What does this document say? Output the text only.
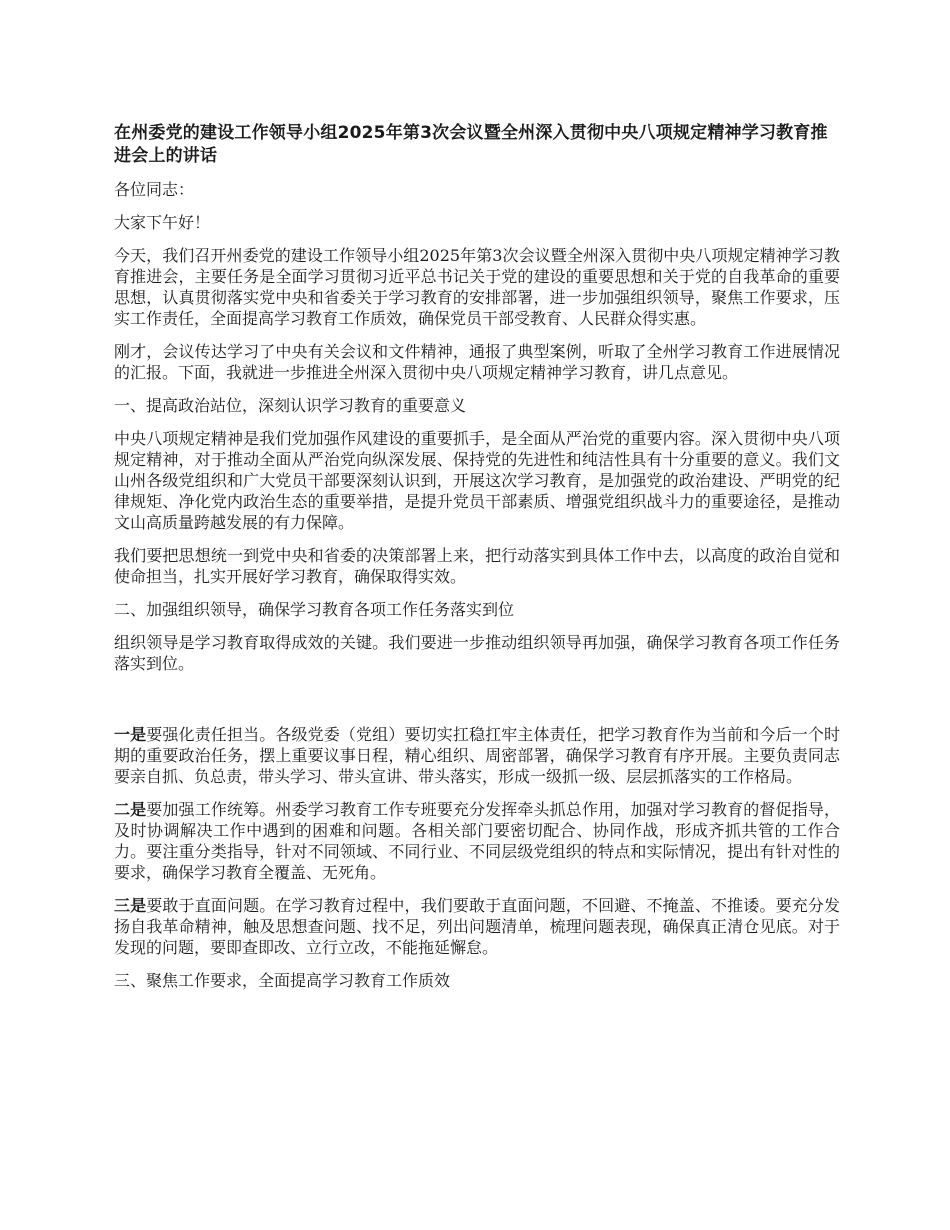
在州委党的建设工作领导小组2025年第3次会议暨全州深入贯彻中央八项规定精神学习教育推进会上的讲话

各位同志：

大家下午好！

今天，我们召开州委党的建设工作领导小组2025年第3次会议暨全州深入贯彻中央八项规定精神学习教育推进会，主要任务是全面学习贯彻习近平总书记关于党的建设的重要思想和关于党的自我革命的重要思想，认真贯彻落实党中央和省委关于学习教育的安排部署，进一步加强组织领导，聚焦工作要求，压实工作责任，全面提高学习教育工作质效，确保党员干部受教育、人民群众得实惠。

刚才，会议传达学习了中央有关会议和文件精神，通报了典型案例，听取了全州学习教育工作进展情况的汇报。下面，我就进一步推进全州深入贯彻中央八项规定精神学习教育，讲几点意见。

一、提高政治站位，深刻认识学习教育的重要意义

中央八项规定精神是我们党加强作风建设的重要抓手，是全面从严治党的重要内容。深入贯彻中央八项规定精神，对于推动全面从严治党向纵深发展、保持党的先进性和纯洁性具有十分重要的意义。我们文山州各级党组织和广大党员干部要深刻认识到，开展这次学习教育，是加强党的政治建设、严明党的纪律规矩、净化党内政治生态的重要举措，是提升党员干部素质、增强党组织战斗力的重要途径，是推动文山高质量跨越发展的有力保障。

我们要把思想统一到党中央和省委的决策部署上来，把行动落实到具体工作中去，以高度的政治自觉和使命担当，扎实开展好学习教育，确保取得实效。

二、加强组织领导，确保学习教育各项工作任务落实到位

组织领导是学习教育取得成效的关键。我们要进一步推动组织领导再加强，确保学习教育各项工作任务落实到位。

一是要强化责任担当。各级党委（党组）要切实扛稳扛牢主体责任，把学习教育作为当前和今后一个时期的重要政治任务，摆上重要议事日程，精心组织、周密部署，确保学习教育有序开展。主要负责同志要亲自抓、负总责，带头学习、带头宣讲、带头落实，形成一级抓一级、层层抓落实的工作格局。

二是要加强工作统筹。州委学习教育工作专班要充分发挥牵头抓总作用，加强对学习教育的督促指导，及时协调解决工作中遇到的困难和问题。各相关部门要密切配合、协同作战，形成齐抓共管的工作合力。要注重分类指导，针对不同领域、不同行业、不同层级党组织的特点和实际情况，提出有针对性的要求，确保学习教育全覆盖、无死角。

三是要敢于直面问题。在学习教育过程中，我们要敢于直面问题，不回避、不掩盖、不推诿。要充分发扬自我革命精神，触及思想查问题、找不足，列出问题清单，梳理问题表现，确保真正清仓见底。对于发现的问题，要即查即改、立行立改，不能拖延懈怠。

三、聚焦工作要求，全面提高学习教育工作质效
